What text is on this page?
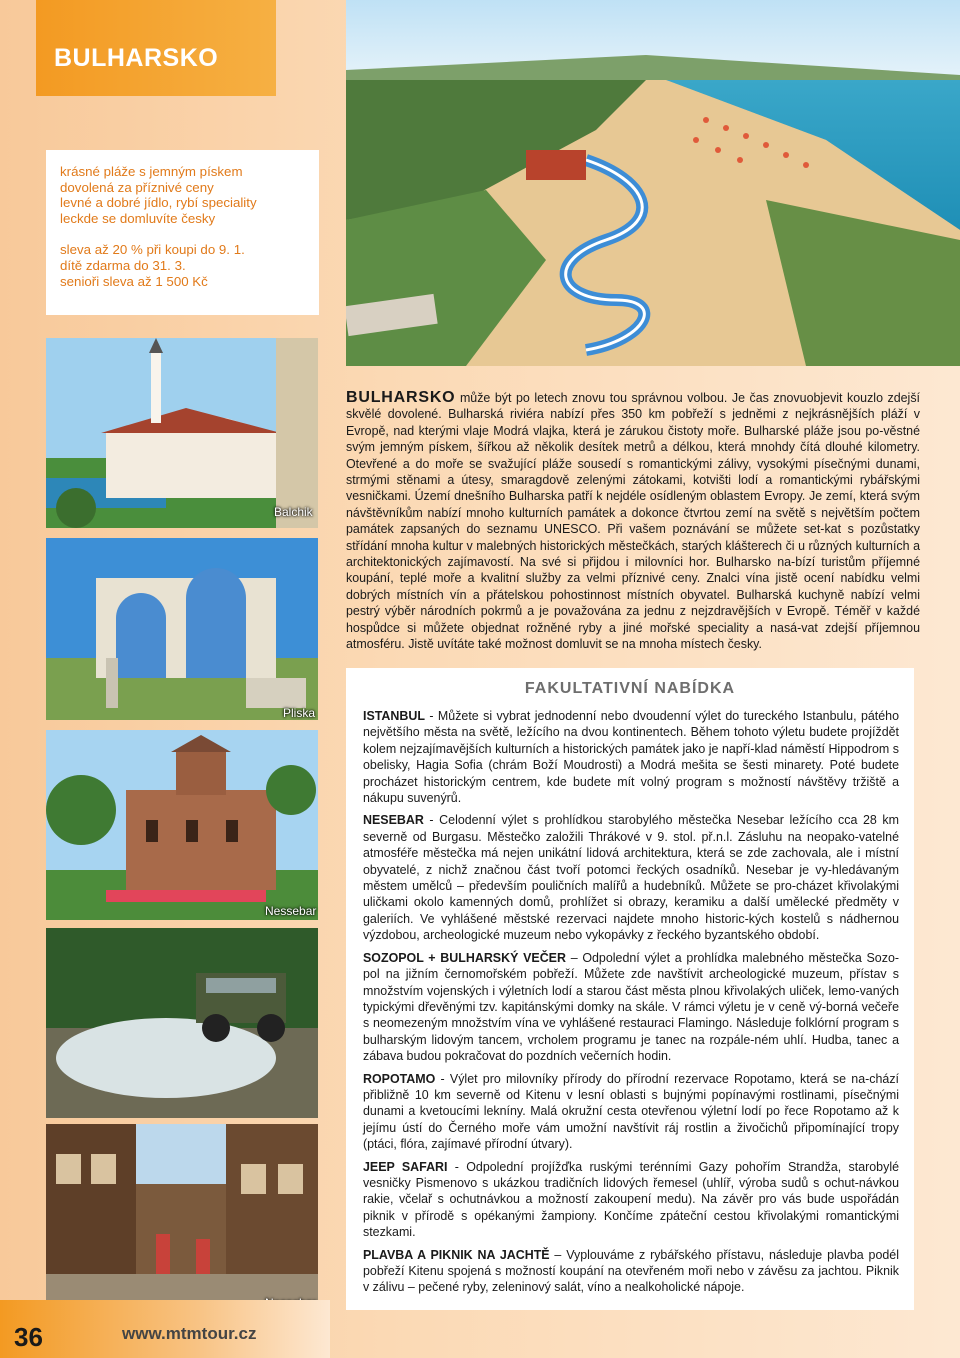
BULHARSKO
krásné pláže s jemným pískem
dovolená za příznivé ceny
levné a dobré jídlo, rybí speciality
leckde se domluvíte česky
sleva až 20 % při koupi do 9. 1.
dítě zdarma do 31. 3.
senioři sleva až 1 500 Kč
Balchik
Pliska
Nessebar
BULHARSKO může být po letech znovu tou správnou volbou. Je čas znovuobjevit kouzlo zdejší skvělé dovolené. Bulharská riviéra nabízí přes 350 km pobřeží s jedněmi z nejkrásnějších pláží v Evropě, nad kterými vlaje Modrá vlajka, která je zárukou čistoty moře. Bulharské pláže jsou po-věstné svým jemným pískem, šířkou až několik desítek metrů a délkou, která mnohdy čítá dlouhé kilometry. Otevřené a do moře se svažující pláže sousedí s romantickými zálivy, vysokými písečnými dunami, strmými stěnami a útesy, smaragdově zelenými zátokami, kotvišti lodí a romantickými rybářskými vesničkami. Území dnešního Bulharska patří k nejdéle osídleným oblastem Evropy. Je zemí, která svým návštěvníkům nabízí mnoho kulturních památek a dokonce čtvrtou zemí na světě s největším počtem památek zapsaných do seznamu UNESCO. Při vašem poznávání se můžete set-kat s pozůstatky střídání mnoha kultur v malebných historických městečkách, starých klášterech či u různých kulturních a architektonických zajímavostí. Na své si přijdou i milovníci hor. Bulharsko na-bízí turistům příjemné koupání, teplé moře a kvalitní služby za velmi příznivé ceny. Znalci vína jistě ocení nabídku velmi dobrých místních vín a přátelskou pohostinnost místních obyvatel. Bulharská kuchyně nabízí velmi pestrý výběr národních pokrmů a je považována za jednu z nejzdravějších v Evropě. Téměř v každé hospůdce si můžete objednat rožněné ryby a jiné mořské speciality a nasá-vat zdejší příjemnou atmosféru. Jistě uvítáte také možnost domluvit se na mnoha místech česky.
FAKULTATIVNÍ NABÍDKA

ISTANBUL - Můžete si vybrat jednodenní nebo dvoudenní výlet do tureckého Istanbulu, pátého největšího města na světě, ležícího na dvou kontinentech. Během tohoto výletu budete projíždět kolem nejzajímavějších kulturních a historických památek jako je napří-klad náměstí Hippodrom s obelisky, Hagia Sofia (chrám Boží Moudrosti) a Modrá mešita se šesti minarety. Poté budete procházet historickým centrem, kde budete mít volný program s možností návštěvy tržiště a nákupu suvenýrů.

NESEBAR - Celodenní výlet s prohlídkou starobylého městečka Nesebar ležícího cca 28 km severně od Burgasu. Městečko založili Thrákové v 9. stol. př.n.l. Zásluhu na neopako-vatelné atmosféře městečka má nejen unikátní lidová architektura, která se zde zachovala, ale i místní obyvatelé, z nichž značnou část tvoří potomci řeckých osadníků. Nesebar je vy-hledávaným městem umělců – především pouličních malířů a hudebníků. Můžete se pro-cházet křivolakými uličkami okolo kamenných domů, prohlížet si obrazy, keramiku a další umělecké předměty v galeriích. Ve vyhlášené městské rezervaci najdete mnoho historic-kých kostelů s nádhernou výzdobou, archeologické muzeum nebo vykopávky z řeckého byzantského období.

SOZOPOL + BULHARSKÝ VEČER – Odpolední výlet a prohlídka malebného městečka Sozo-pol na jižním černomořském pobřeží. Můžete zde navštívit archeologické muzeum, přístav s množstvím vojenských i výletních lodí a starou část města plnou křivolakých uliček, lemo-vaných typickými dřevěnými tzv. kapitánskými domky na skále. V rámci výletu je v ceně vý-borná večeře s neomezeným množstvím vína ve vyhlášené restauraci Flamingo. Následuje folklórní program s bulharským lidovým tancem, vrcholem programu je tanec na rozpále-ném uhlí. Hudba, tanec a zábava budou pokračovat do pozdních večerních hodin.

ROPOTAMO - Výlet pro milovníky přírody do přírodní rezervace Ropotamo, která se na-chází přibližně 10 km severně od Kitenu v lesní oblasti s bujnými popínavými rostlinami, písečnými dunami a kvetoucími lekníny. Malá okružní cesta otevřenou výletní lodí po řece Ropotamo až k jejímu ústí do Černého moře vám umožní navštívit ráj rostlin a živočichů připomínající tropy (ptáci, flóra, zajímavé přírodní útvary).

JEEP SAFARI - Odpolední projížďka ruskými terénními Gazy pohořím Strandža, starobylé vesničky Pismenovo s ukázkou tradičních lidových řemesel (uhlíř, výroba sudů s ochut-návkou rakie, včelař s ochutnávkou a možností zakoupení medu). Na závěr pro vás bude uspořádán piknik v přírodě s opékanými žampiony. Končíme zpáteční cestou křivolakými romantickými stezkami.

PLAVBA A PIKNIK NA JACHTĚ – Vyplouváme z rybářského přístavu, následuje plavba podél pobřeží Kitenu spojená s možností koupání na otevřeném moři nebo v závěsu za jachtou. Piknik v zálivu – pečené ryby, zeleninový salát, víno a nealkoholické nápoje.

36	www.mtmtour.cz
